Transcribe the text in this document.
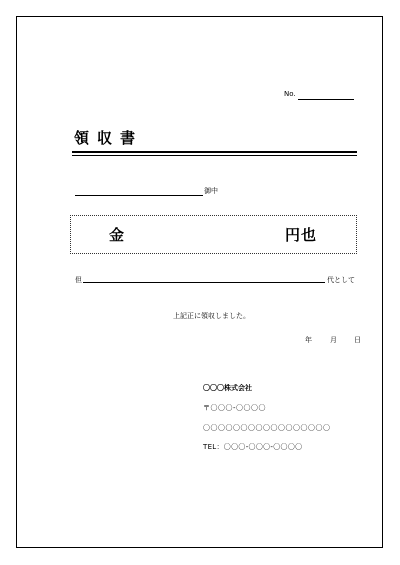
No.
領収書
御中
金	円也
但	代として
上記正に領収しました。
年	月 日
〇〇〇株式会社
〒〇〇〇-〇〇〇〇
〇〇〇〇〇〇〇〇〇〇〇〇〇〇〇〇〇
TEL：〇〇〇-〇〇〇-〇〇〇〇
